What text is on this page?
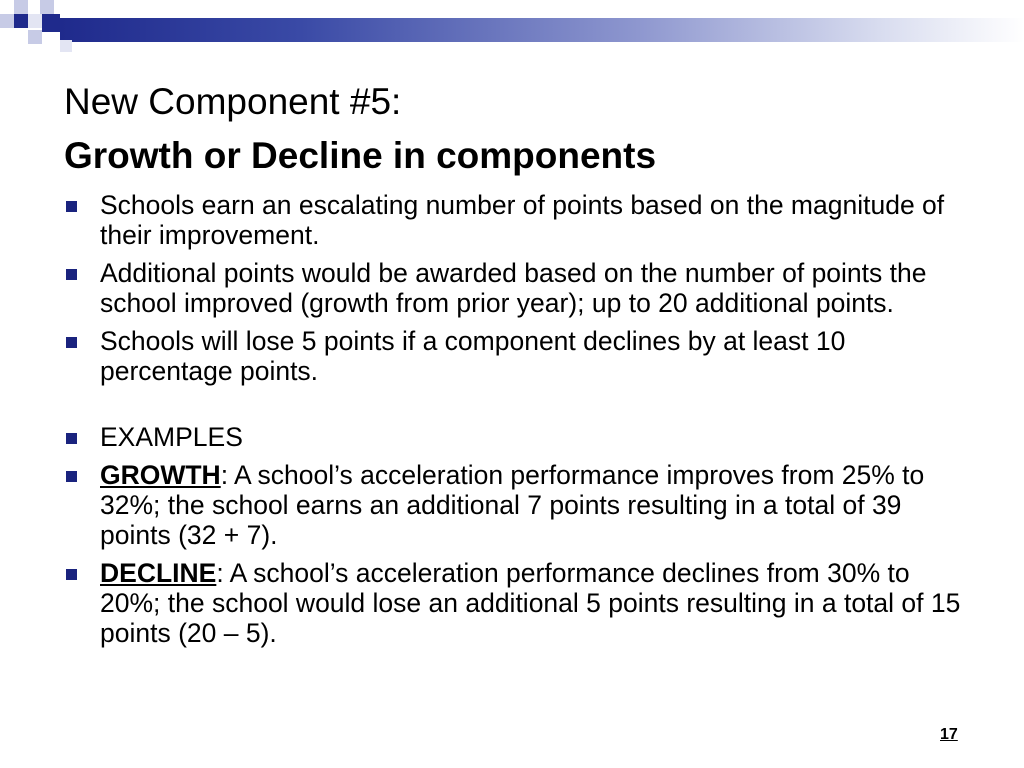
New Component #5:
Growth or Decline in components
Schools earn an escalating number of points based on the magnitude of their improvement.
Additional points would be awarded based on the number of points the school improved (growth from prior year); up to 20 additional points.
Schools will lose 5 points if a component declines by at least 10 percentage points.
EXAMPLES
GROWTH: A school’s acceleration performance improves from 25% to 32%; the school earns an additional 7 points resulting in a total of 39 points (32 + 7).
DECLINE: A school’s acceleration performance declines from 30% to 20%; the school would lose an additional 5 points resulting in a total of 15 points (20 – 5).
17
